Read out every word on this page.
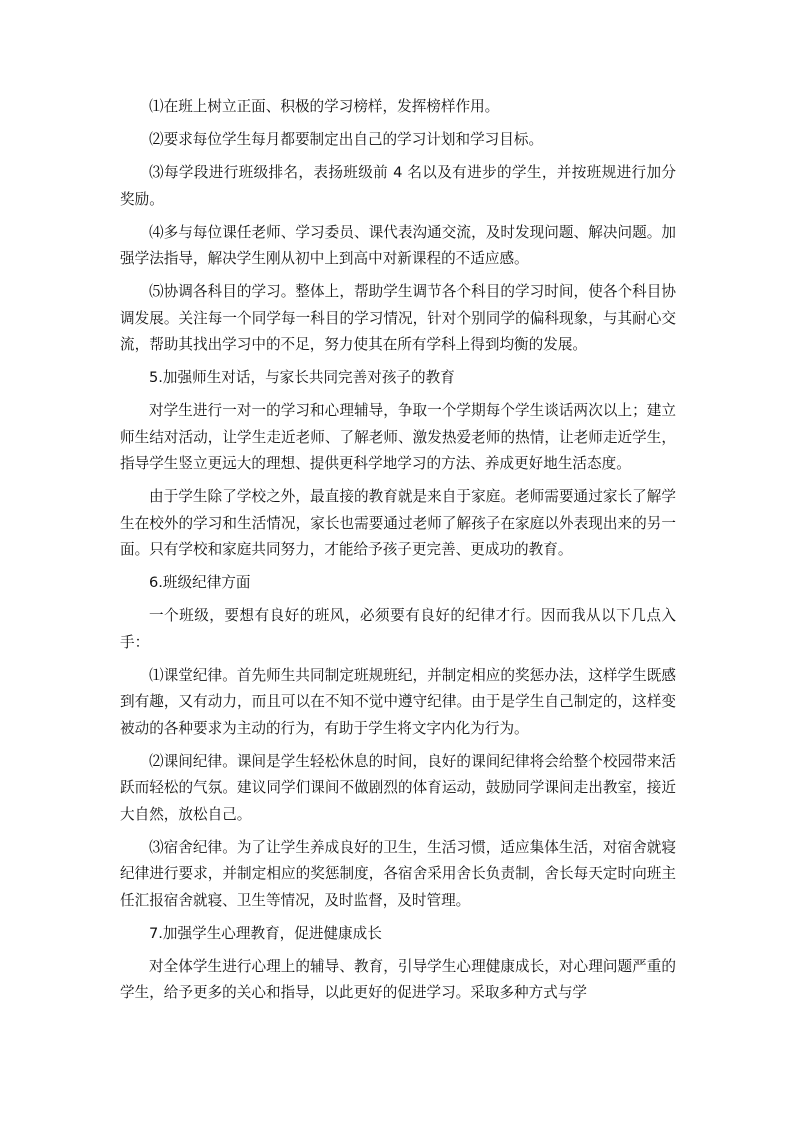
⑴在班上树立正面、积极的学习榜样，发挥榜样作用。

⑵要求每位学生每月都要制定出自己的学习计划和学习目标。

⑶每学段进行班级排名，表扬班级前 4 名以及有进步的学生，并按班规进行加分奖励。

⑷多与每位课任老师、学习委员、课代表沟通交流，及时发现问题、解决问题。加强学法指导，解决学生刚从初中上到高中对新课程的不适应感。

⑸协调各科目的学习。整体上，帮助学生调节各个科目的学习时间，使各个科目协调发展。关注每一个同学每一科目的学习情况，针对个别同学的偏科现象，与其耐心交流，帮助其找出学习中的不足，努力使其在所有学科上得到均衡的发展。

5.加强师生对话，与家长共同完善对孩子的教育

对学生进行一对一的学习和心理辅导，争取一个学期每个学生谈话两次以上；建立师生结对活动，让学生走近老师、了解老师、激发热爱老师的热情，让老师走近学生，指导学生竖立更远大的理想、提供更科学地学习的方法、养成更好地生活态度。

由于学生除了学校之外，最直接的教育就是来自于家庭。老师需要通过家长了解学生在校外的学习和生活情况，家长也需要通过老师了解孩子在家庭以外表现出来的另一面。只有学校和家庭共同努力，才能给予孩子更完善、更成功的教育。

6.班级纪律方面

一个班级，要想有良好的班风，必须要有良好的纪律才行。因而我从以下几点入手：

⑴课堂纪律。首先师生共同制定班规班纪，并制定相应的奖惩办法，这样学生既感到有趣，又有动力，而且可以在不知不觉中遵守纪律。由于是学生自己制定的，这样变被动的各种要求为主动的行为，有助于学生将文字内化为行为。

⑵课间纪律。课间是学生轻松休息的时间，良好的课间纪律将会给整个校园带来活跃而轻松的气氛。建议同学们课间不做剧烈的体育运动，鼓励同学课间走出教室，接近大自然，放松自己。

⑶宿舍纪律。为了让学生养成良好的卫生，生活习惯，适应集体生活，对宿舍就寝纪律进行要求，并制定相应的奖惩制度，各宿舍采用舍长负责制，舍长每天定时向班主任汇报宿舍就寝、卫生等情况，及时监督，及时管理。

7.加强学生心理教育，促进健康成长

对全体学生进行心理上的辅导、教育，引导学生心理健康成长，对心理问题严重的学生，给予更多的关心和指导，以此更好的促进学习。采取多种方式与学
